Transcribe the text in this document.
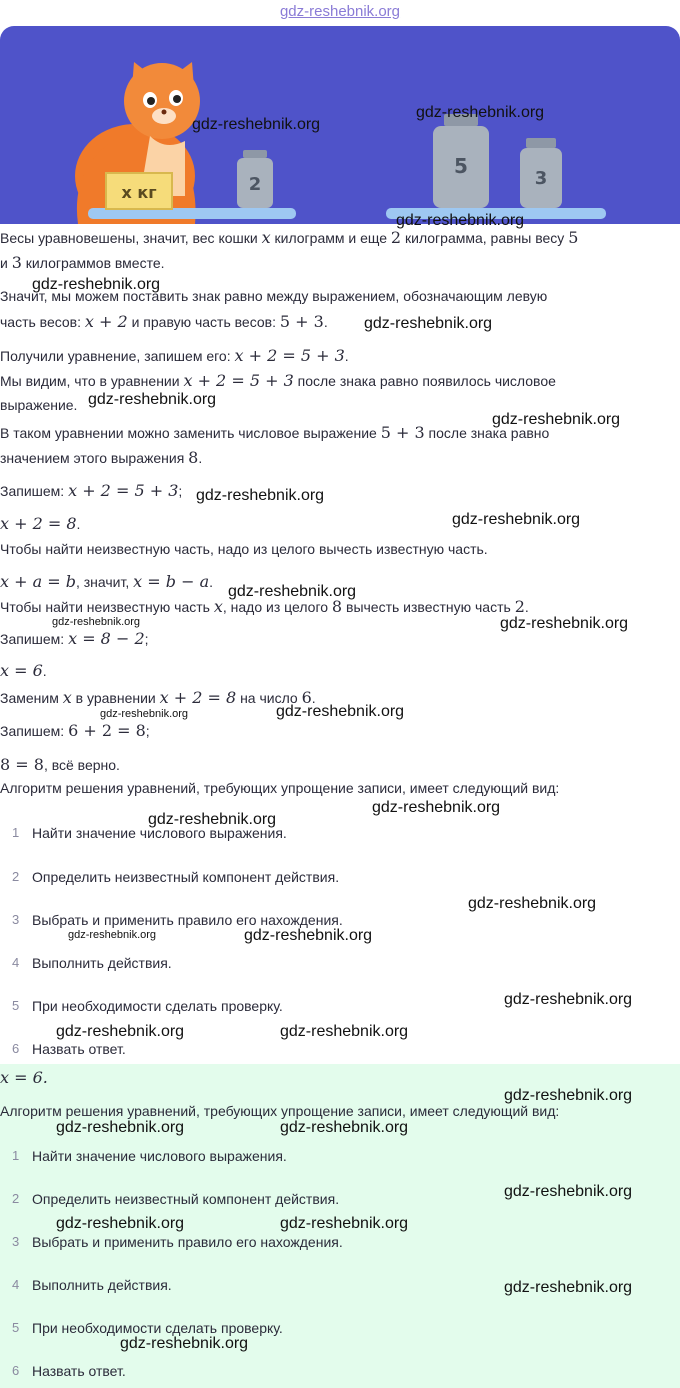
gdz-reshebnik.org
x кг	2
5
3
gdz-reshebnik.org
gdz-reshebnik.org
gdz-reshebnik.org
Весы уравновешены, значит, вес кошки x килограмм и еще 2 килограмма, равны весу 5
и 3 килограммов вместе.
gdz-reshebnik.org
Значит, мы можем поставить знак равно между выражением, обозначающим левую
часть весов: x + 2 и правую часть весов: 5 + 3. gdz-reshebnik.org
Получили уравнение, запишем его: x + 2 = 5 + 3.
Мы видим, что в уравнении x + 2 = 5 + 3 после знака равно появилось числовое
выражение. gdz-reshebnik.org
gdz-reshebnik.org
В таком уравнении можно заменить числовое выражение 5 + 3 после знака равно
значением этого выражения 8.
Запишем: x + 2 = 5 + 3; gdz-reshebnik.org
x + 2 = 8.	gdz-reshebnik.org
Чтобы найти неизвестную часть, надо из целого вычесть известную часть.
x + a = b, значит, x = b − a.
gdz-reshebnik.org
Чтобы найти неизвестную часть x, надо из целого 8 вычесть известную часть 2.
gdz-reshebnik.org	gdz-reshebnik.org
Запишем: x = 8 − 2;
x = 6.
Заменим x в уравнении x + 2 = 8 на число 6.
gdz-reshebnik.org	gdz-reshebnik.org
Запишем: 6 + 2 = 8;
8 = 8, всё верно.
Алгоритм решения уравнений, требующих упрощение записи, имеет следующий вид:
gdz-reshebnik.org
gdz-reshebnik.org
1 Найти значение числового выражения.
2 Определить неизвестный компонент действия.
3 Выбрать и применить правило его нахождения.
4 Выполнить действия.
5 При необходимости сделать проверку.
6 Назвать ответ.
gdz-reshebnik.org
gdz-reshebnik.org	gdz-reshebnik.org
gdz-reshebnik.org
gdz-reshebnik.org	gdz-reshebnik.org
x = 6.
gdz-reshebnik.org
Алгоритм решения уравнений, требующих упрощение записи, имеет следующий вид:
gdz-reshebnik.org	gdz-reshebnik.org
1 Найти значение числового выражения.
2 Определить неизвестный компонент действия.
3 Выбрать и применить правило его нахождения.
4 Выполнить действия.
5 При необходимости сделать проверку.
6 Назвать ответ.
gdz-reshebnik.org
gdz-reshebnik.org	gdz-reshebnik.org
gdz-reshebnik.org
gdz-reshebnik.org
